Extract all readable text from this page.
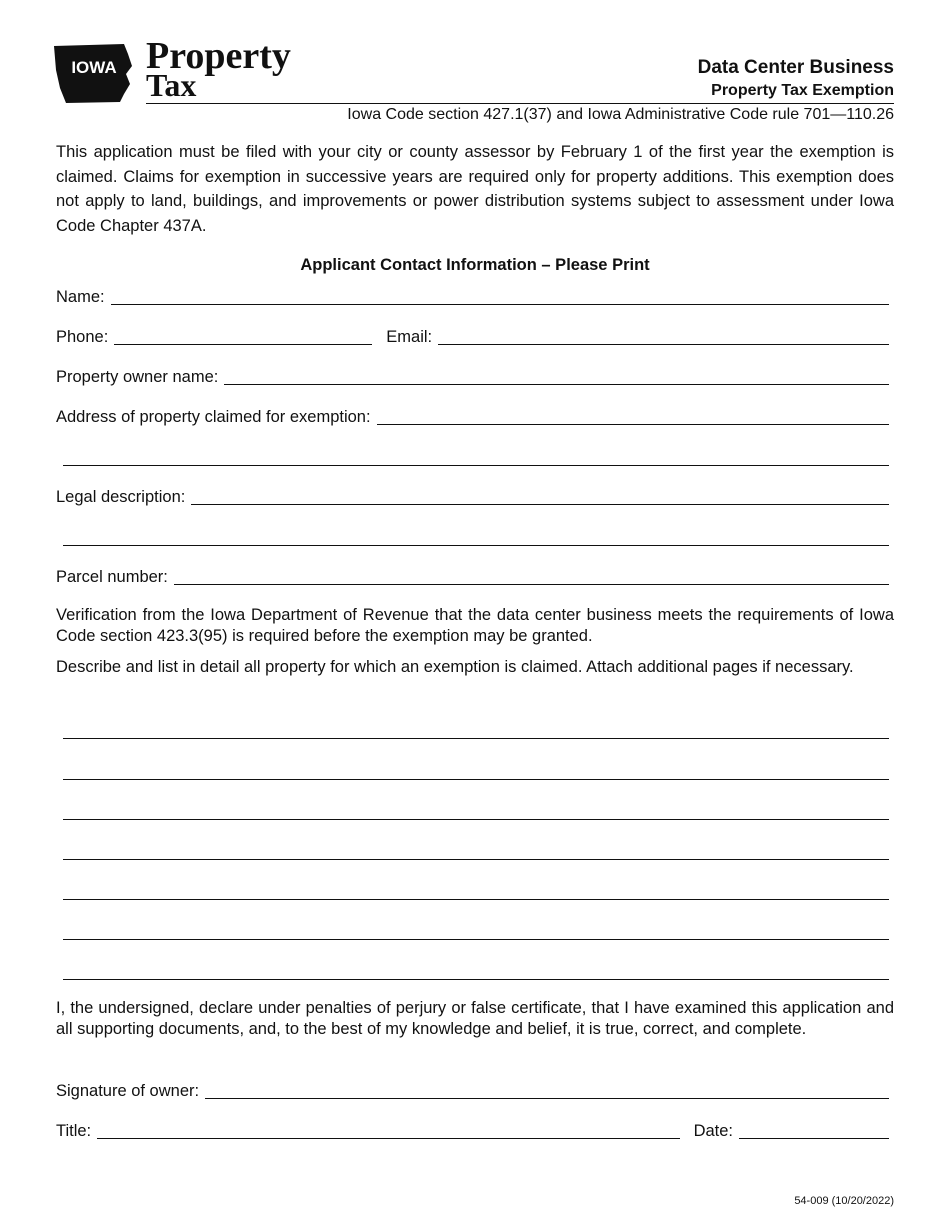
IOWA Property
Tax	Data Center Business
Property Tax Exemption
Iowa Code section 427.1(37) and Iowa Administrative Code rule 701—110.26
This application must be filed with your city or county assessor by February 1 of the first year the exemption is claimed. Claims for exemption in successive years are required only for property additions. This exemption does not apply to land, buildings, and improvements or power distribution systems subject to assessment under Iowa Code Chapter 437A.
Applicant Contact Information – Please Print
Name:
Phone:	Email:
Property owner name:
Address of property claimed for exemption:
Legal description:
Parcel number:
Verification from the Iowa Department of Revenue that the data center business meets the requirements of Iowa Code section 423.3(95) is required before the exemption may be granted.
Describe and list in detail all property for which an exemption is claimed. Attach additional pages if necessary.
I, the undersigned, declare under penalties of perjury or false certificate, that I have examined this application and all supporting documents, and, to the best of my knowledge and belief, it is true, correct, and complete.
Signature of owner:
Title:	Date:
54-009 (10/20/2022)
